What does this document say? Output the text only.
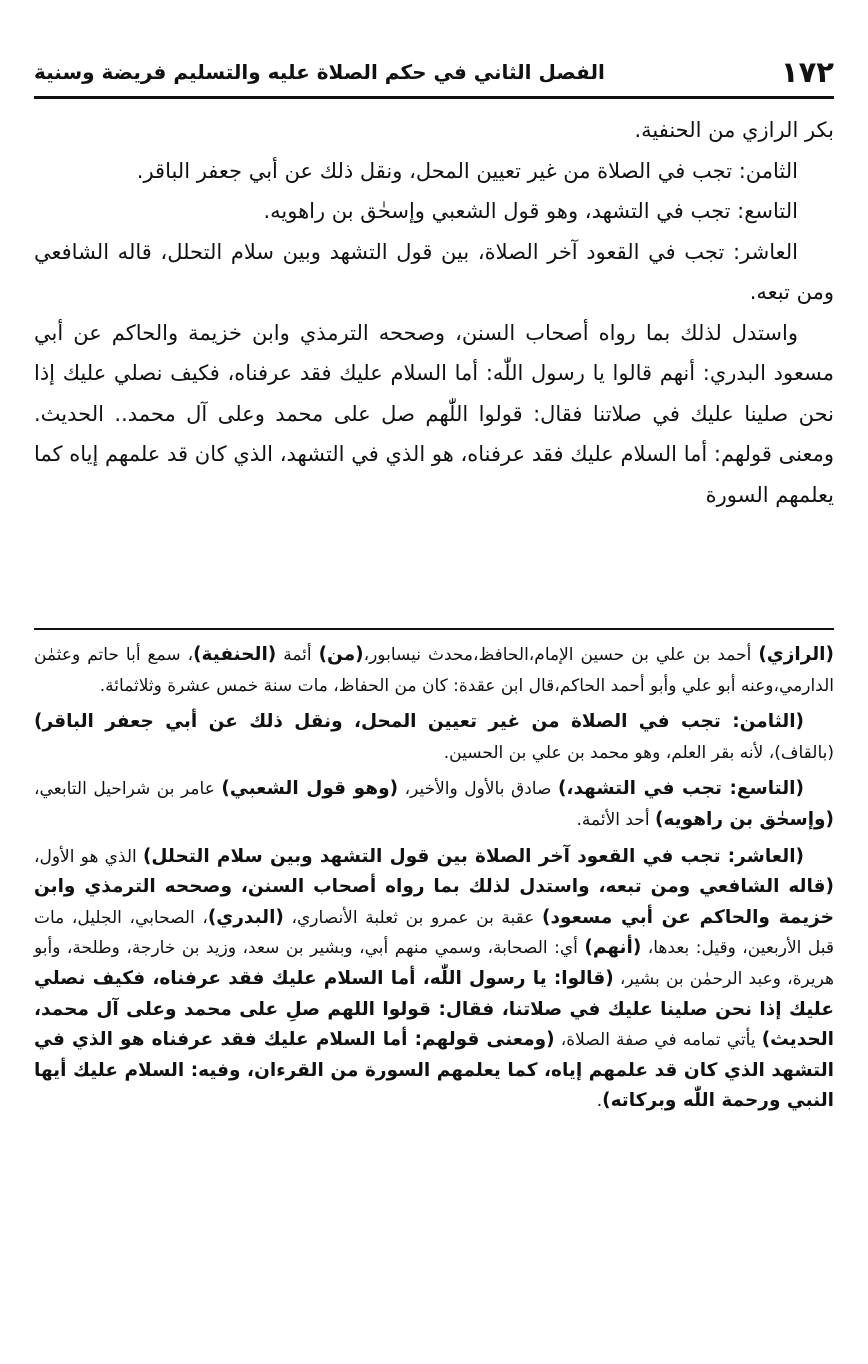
١٧٢
الفصل الثاني في حكم الصلاة عليه والتسليم فريضة وسنية

بكر الرازي من الحنفية.

الثامن: تجب في الصلاة من غير تعيين المحل، ونقل ذلك عن أبي جعفر الباقر.

التاسع: تجب في التشهد، وهو قول الشعبي وإسحٰق بن راهويه.

العاشر: تجب في القعود آخر الصلاة، بين قول التشهد وبين سلام التحلل، قاله الشافعي ومن تبعه.

واستدل لذلك بما رواه أصحاب السنن، وصححه الترمذي وابن خزيمة والحاكم عن أبي مسعود البدري: أنهم قالوا يا رسول اللّٰه: أما السلام عليك فقد عرفناه، فكيف نصلي عليك إذا نحن صلينا عليك في صلاتنا فقال: قولوا اللّٰهم صل على محمد وعلى آل محمد.. الحديث. ومعنى قولهم: أما السلام عليك فقد عرفناه، هو الذي في التشهد، الذي كان قد علمهم إياه كما يعلمهم السورة

(الرازي) أحمد بن علي بن حسين الإمام،الحافظ،محدث نيسابور،(من) أئمة (الحنفية)، سمع أبا حاتم وعثمٰن الدارمي،وعنه أبو علي وأبو أحمد الحاكم،قال ابن عقدة: كان من الحفاظ، مات سنة خمس عشرة وثلاثمائة.

(الثامن: تجب في الصلاة من غير تعيين المحل، ونقل ذلك عن أبي جعفر الباقر) (بالقاف)، لأنه بقر العلم، وهو محمد بن علي بن الحسين.

(التاسع: تجب في التشهد،) صادق بالأول والأخير، (وهو قول الشعبي) عامر بن شراحيل التابعي، (وإسحٰق بن راهويه) أحد الأئمة.

(العاشر: تجب في القعود آخر الصلاة بين قول التشهد وبين سلام التحلل) الذي هو الأول، (قاله الشافعي ومن تبعه، واستدل لذلك بما رواه أصحاب السنن، وصححه الترمذي وابن خزيمة والحاكم عن أبي مسعود) عقبة بن عمرو بن ثعلبة الأنصاري، (البدري)، الصحابي، الجليل، مات قبل الأربعين، وقيل: بعدها، (أنهم) أي: الصحابة، وسمي منهم أبي، وبشير بن سعد، وزيد بن خارجة، وطلحة، وأبو هريرة، وعبد الرحمٰن بن بشير، (قالوا: يا رسول اللّٰه، أما السلام عليك فقد عرفناه، فكيف نصلي عليك إذا نحن صلينا عليك في صلاتنا، فقال: قولوا اللهم صلِ على محمد وعلى آل محمد، الحديث) يأتي تمامه في صفة الصلاة، (ومعنى قولهم: أما السلام عليك فقد عرفناه هو الذي في التشهد الذي كان قد علمهم إياه، كما يعلمهم السورة من القرءان، وفيه: السلام عليك أيها النبي ورحمة اللّٰه وبركاته).
